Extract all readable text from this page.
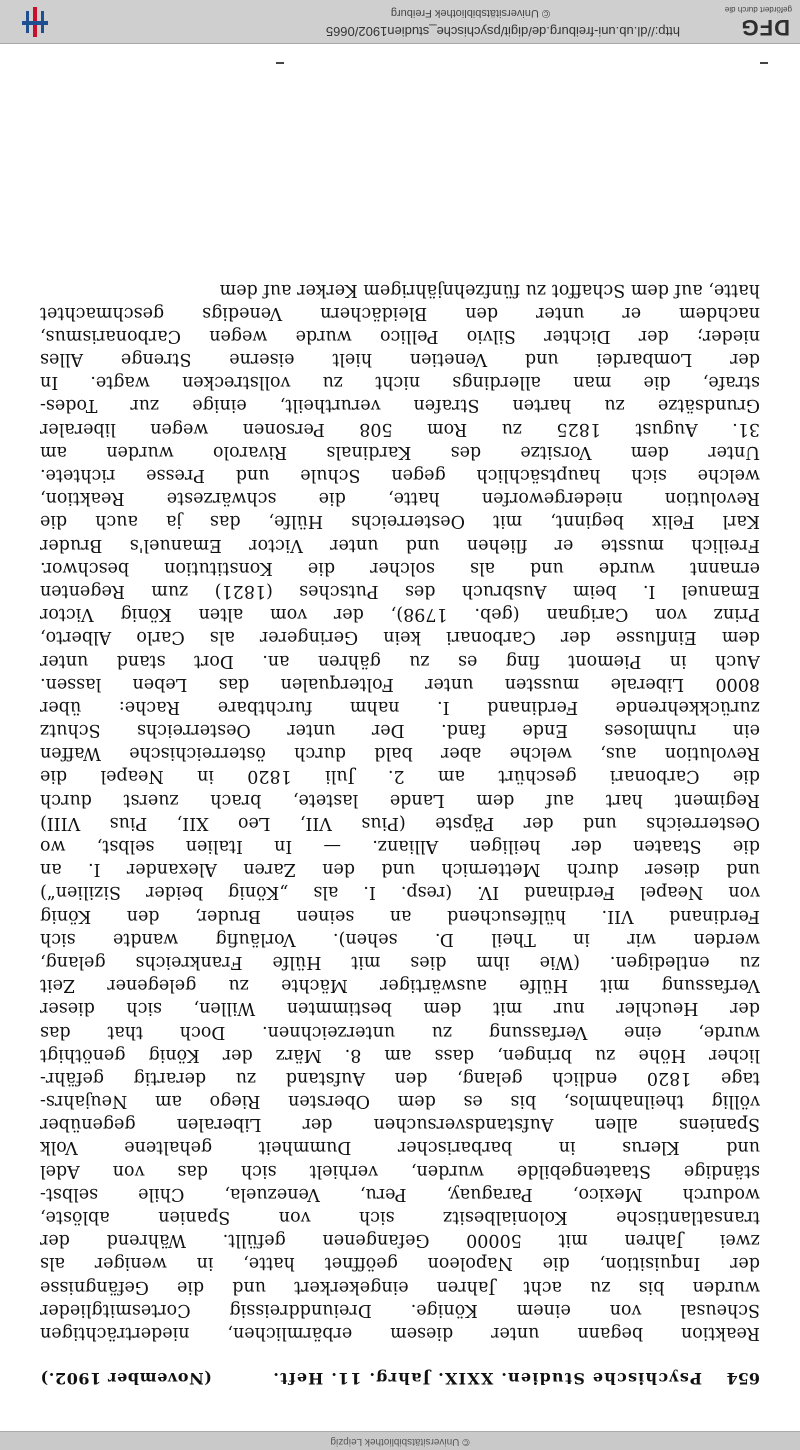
© Universitätsbibliothek Leipzig
654
Psychische Studien. XXIX. Jahrg. 11. Heft.
(November 1902.)
Reaktion begann unter diesem erbärmlichen, niederträchtigen
Scheusal von einem Könige. Dreiunddreissig Cortesmitglieder
wurden bis zu acht Jahren eingekerkert und die Gefängnisse
der Inquisition, die Napoleon geöffnet hatte, in weniger als
zwei Jahren mit 50000 Gefangenen gefüllt. Während der
transatlantische Kolonialbesitz sich von Spanien ablöste,
wodurch Mexico, Paraguay, Peru, Venezuela, Chile selbst-
ständige Staatengebilde wurden, verhielt sich das von Adel
und Klerus in barbarischer Dummheit gehaltene Volk
Spaniens allen Aufstandsversuchen der Liberalen gegenüber
völlig theilnahmlos, bis es dem Obersten Riego am Neujahrs-
tage 1820 endlich gelang, den Aufstand zu derartig gefähr-
licher Höhe zu bringen, dass am 8. März der König genöthigt
wurde, eine Verfassung zu unterzeichnen. Doch that das
der Heuchler nur mit dem bestimmten Willen, sich dieser
Verfassung mit Hülfe auswärtiger Mächte zu gelegener Zeit
zu entledigen. (Wie ihm dies mit Hülfe Frankreichs gelang,
werden wir in Theil D. sehen). Vorläufig wandte sich
Ferdinand VII. hülfesuchend an seinen Bruder, den König
von Neapel Ferdinand IV. (resp. I. als „König beider Sizilien“)
und dieser durch Metternich und den Zaren Alexander I. an
die Staaten der heiligen Allianz. — In Italien selbst, wo
Oesterreichs und der Päpste (Pius VII, Leo XII, Pius VIII)
Regiment hart auf dem Lande lastete, brach zuerst durch
die Carbonari geschürt am 2. Juli 1820 in Neapel die
Revolution aus, welche aber bald durch österreichische Waffen
ein ruhmloses Ende fand. Der unter Oesterreichs Schutz
zurückkehrende Ferdinand I. nahm furchtbare Rache: über
8000 Liberale mussten unter Folterqualen das Leben lassen.
Auch in Piemont fing es zu gähren an. Dort stand unter
dem Einflusse der Carbonari kein Geringerer als Carlo Alberto,
Prinz von Carignan (geb. 1798), der vom alten König Victor
Emanuel I. beim Ausbruch des Putsches (1821) zum Regenten
ernannt wurde und als solcher die Konstitution beschwor.
Freilich musste er fliehen und unter Victor Emanuel's Bruder
Karl Felix beginnt, mit Oesterreichs Hülfe, das ja auch die
Revolution niedergeworfen hatte, die schwärzeste Reaktion,
welche sich hauptsächlich gegen Schule und Presse richtete.
Unter dem Vorsitze des Kardinals Rivarolo wurden am
31. August 1825 zu Rom 508 Personen wegen liberaler
Grundsätze zu harten Strafen verurtheilt, einige zur Todes-
strafe, die man allerdings nicht zu vollstrecken wagte. In
der Lombardei und Venetien hielt eiserne Strenge Alles
nieder; der Dichter Silvio Pellico wurde wegen Carbonarismus,
nachdem er unter den Bleidächern Venedigs geschmachtet
hatte, auf dem Schaffot zu fünfzehnjährigem Kerker auf dem
DFG
gefördert durch die
http://dl.ub.uni-freiburg.de/digit/psychische_studien1902/0665
© Universitätsbibliothek Freiburg
